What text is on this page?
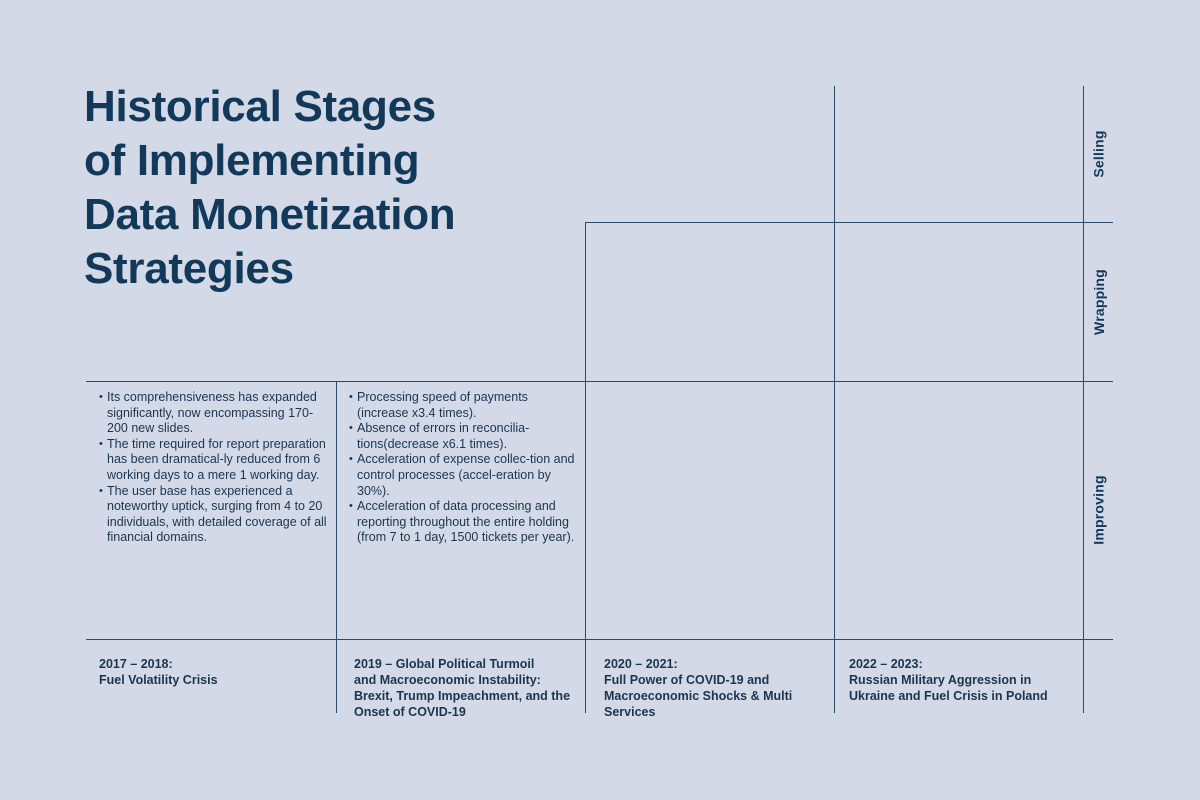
Historical Stages
of Implementing
Data Monetization
Strategies
Selling
Wrapping
Improving
• Its comprehensiveness has expanded significantly, now encompassing 170-200 new slides.
• The time required for report preparation has been dramatical-ly reduced from 6 working days to a mere 1 working day.
• The user base has experienced a noteworthy uptick, surging from 4 to 20 individuals, with detailed coverage of all financial domains.
• Processing speed of payments (increase x3.4 times).
• Absence of errors in reconcilia-tions(decrease x6.1 times).
• Acceleration of expense collec-tion and control processes (accel-eration by 30%).
• Acceleration of data processing and reporting throughout the entire holding (from 7 to 1 day, 1500 tickets per year).
2017 – 2018:
Fuel Volatility Crisis
2019 – Global Political Turmoil
and Macroeconomic Instability: Brexit, Trump Impeachment, and the Onset of COVID-19
2020 – 2021:
Full Power of COVID-19 and Macroeconomic Shocks & Multi Services
2022 – 2023:
Russian Military Aggression in Ukraine and Fuel Crisis in Poland
